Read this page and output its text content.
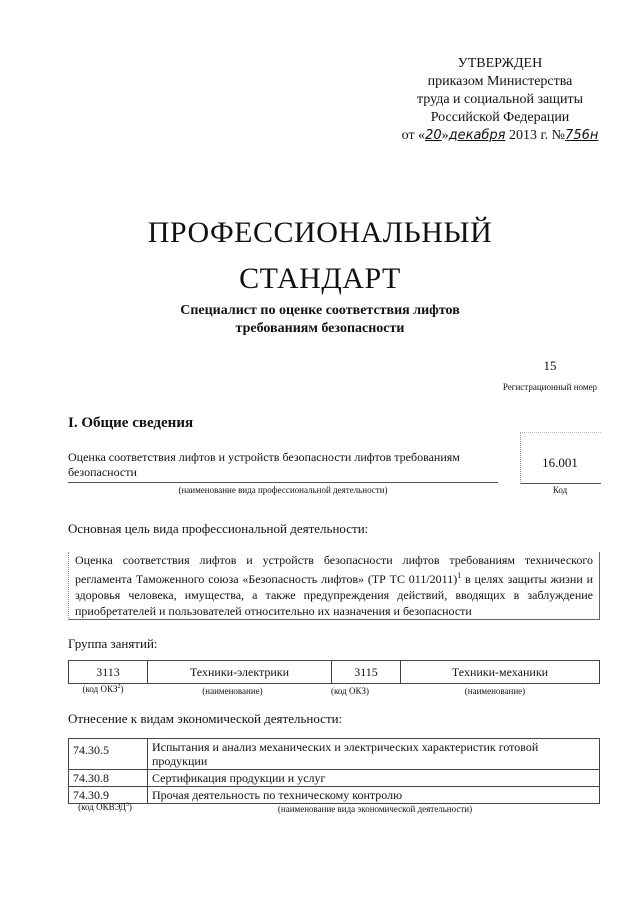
УТВЕРЖДЕН
приказом Министерства
труда и социальной защиты
Российской Федерации
от «20»декабря 2013 г. №756н
ПРОФЕССИОНАЛЬНЫЙ
СТАНДАРТ
Специалист по оценке соответствия лифтов
требованиям безопасности
15
Регистрационный номер
I. Общие сведения
Оценка соответствия лифтов и устройств безопасности лифтов требованиям безопасности
(наименование вида профессиональной деятельности)
16.001
Код
Основная цель вида профессиональной деятельности:
Оценка соответствия лифтов и устройств безопасности лифтов требованиям технического регламента Таможенного союза «Безопасность лифтов» (ТР ТС 011/2011)$^1$ в целях защиты жизни и здоровья человека, имущества, а также предупреждения действий, вводящих в заблуждение приобретателей и пользователей относительно их назначения и безопасности
Группа занятий:
3113	Техники-электрики	3115	Техники-механики
(код ОКЗ$^2$)	(наименование)	(код ОКЗ)	(наименование)
Отнесение к видам экономической деятельности:
74.30.5	Испытания и анализ механических и электрических характеристик готовой продукции
74.30.8	Сертификация продукции и услуг
74.30.9	Прочая деятельность по техническому контролю
(код ОКВЭД$^3$)	(наименование вида экономической деятельности)
